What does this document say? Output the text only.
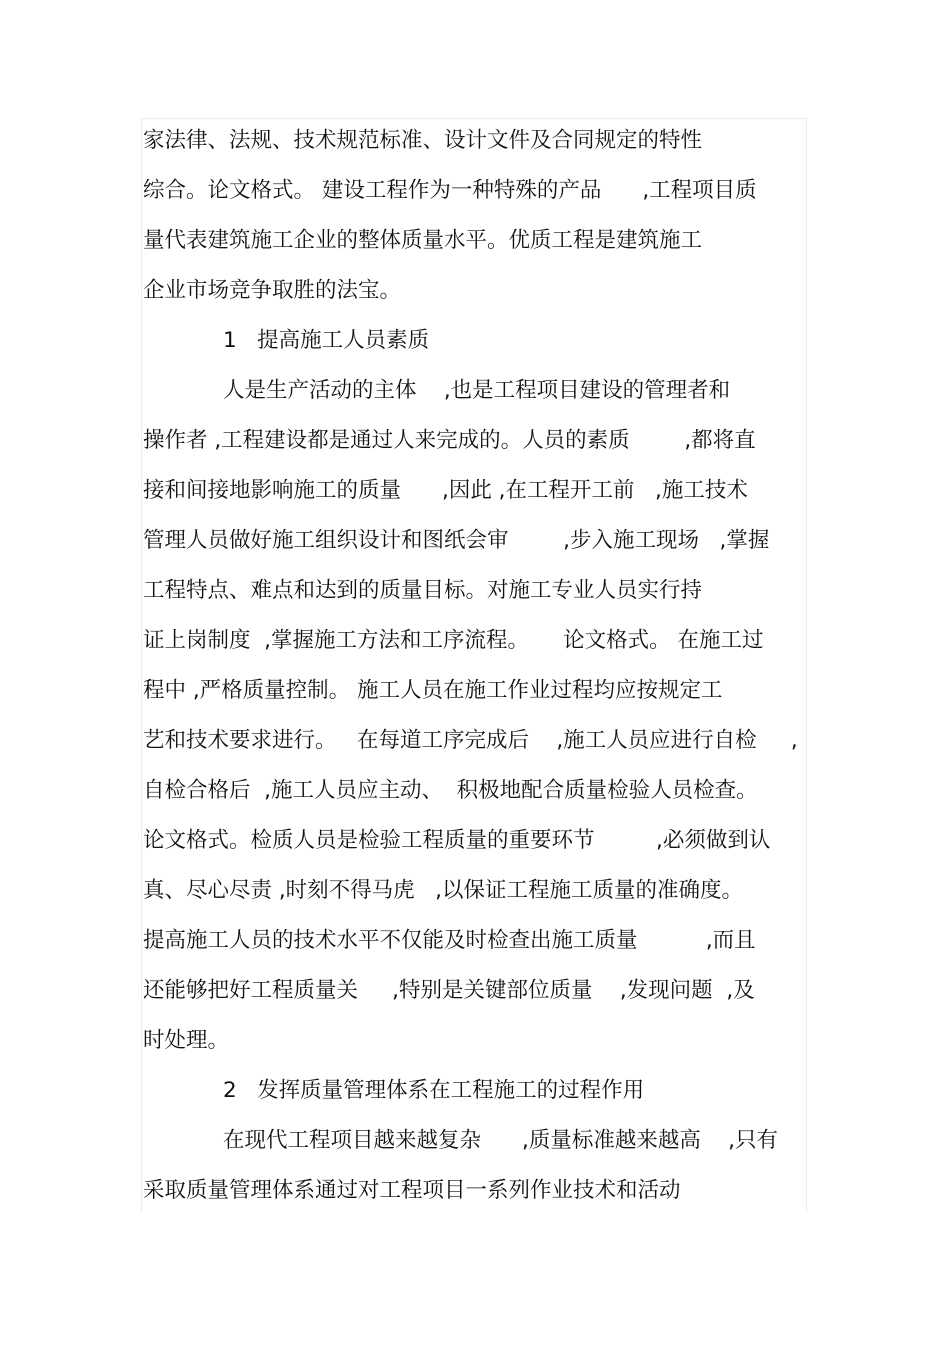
家法律、法规、技术规范标准、设计文件及合同规定的特性
综合。论文格式。 建设工程作为一种特殊的产品      ,工程项目质
量代表建筑施工企业的整体质量水平。优质工程是建筑施工
企业市场竞争取胜的法宝。
1   提高施工人员素质
人是生产活动的主体    ,也是工程项目建设的管理者和
操作者 ,工程建设都是通过人来完成的。人员的素质        ,都将直
接和间接地影响施工的质量      ,因此 ,在工程开工前   ,施工技术
管理人员做好施工组织设计和图纸会审        ,步入施工现场   ,掌握
工程特点、难点和达到的质量目标。对施工专业人员实行持
证上岗制度  ,掌握施工方法和工序流程。     论文格式。 在施工过
程中 ,严格质量控制。 施工人员在施工作业过程均应按规定工
艺和技术要求进行。   在每道工序完成后    ,施工人员应进行自检     ,
自检合格后  ,施工人员应主动、  积极地配合质量检验人员检查。
论文格式。检质人员是检验工程质量的重要环节         ,必须做到认
真、尽心尽责 ,时刻不得马虎   ,以保证工程施工质量的准确度。
提高施工人员的技术水平不仅能及时检查出施工质量          ,而且
还能够把好工程质量关     ,特别是关键部位质量    ,发现问题  ,及
时处理。
2   发挥质量管理体系在工程施工的过程作用
在现代工程项目越来越复杂      ,质量标准越来越高    ,只有
采取质量管理体系通过对工程项目一系列作业技术和活动
